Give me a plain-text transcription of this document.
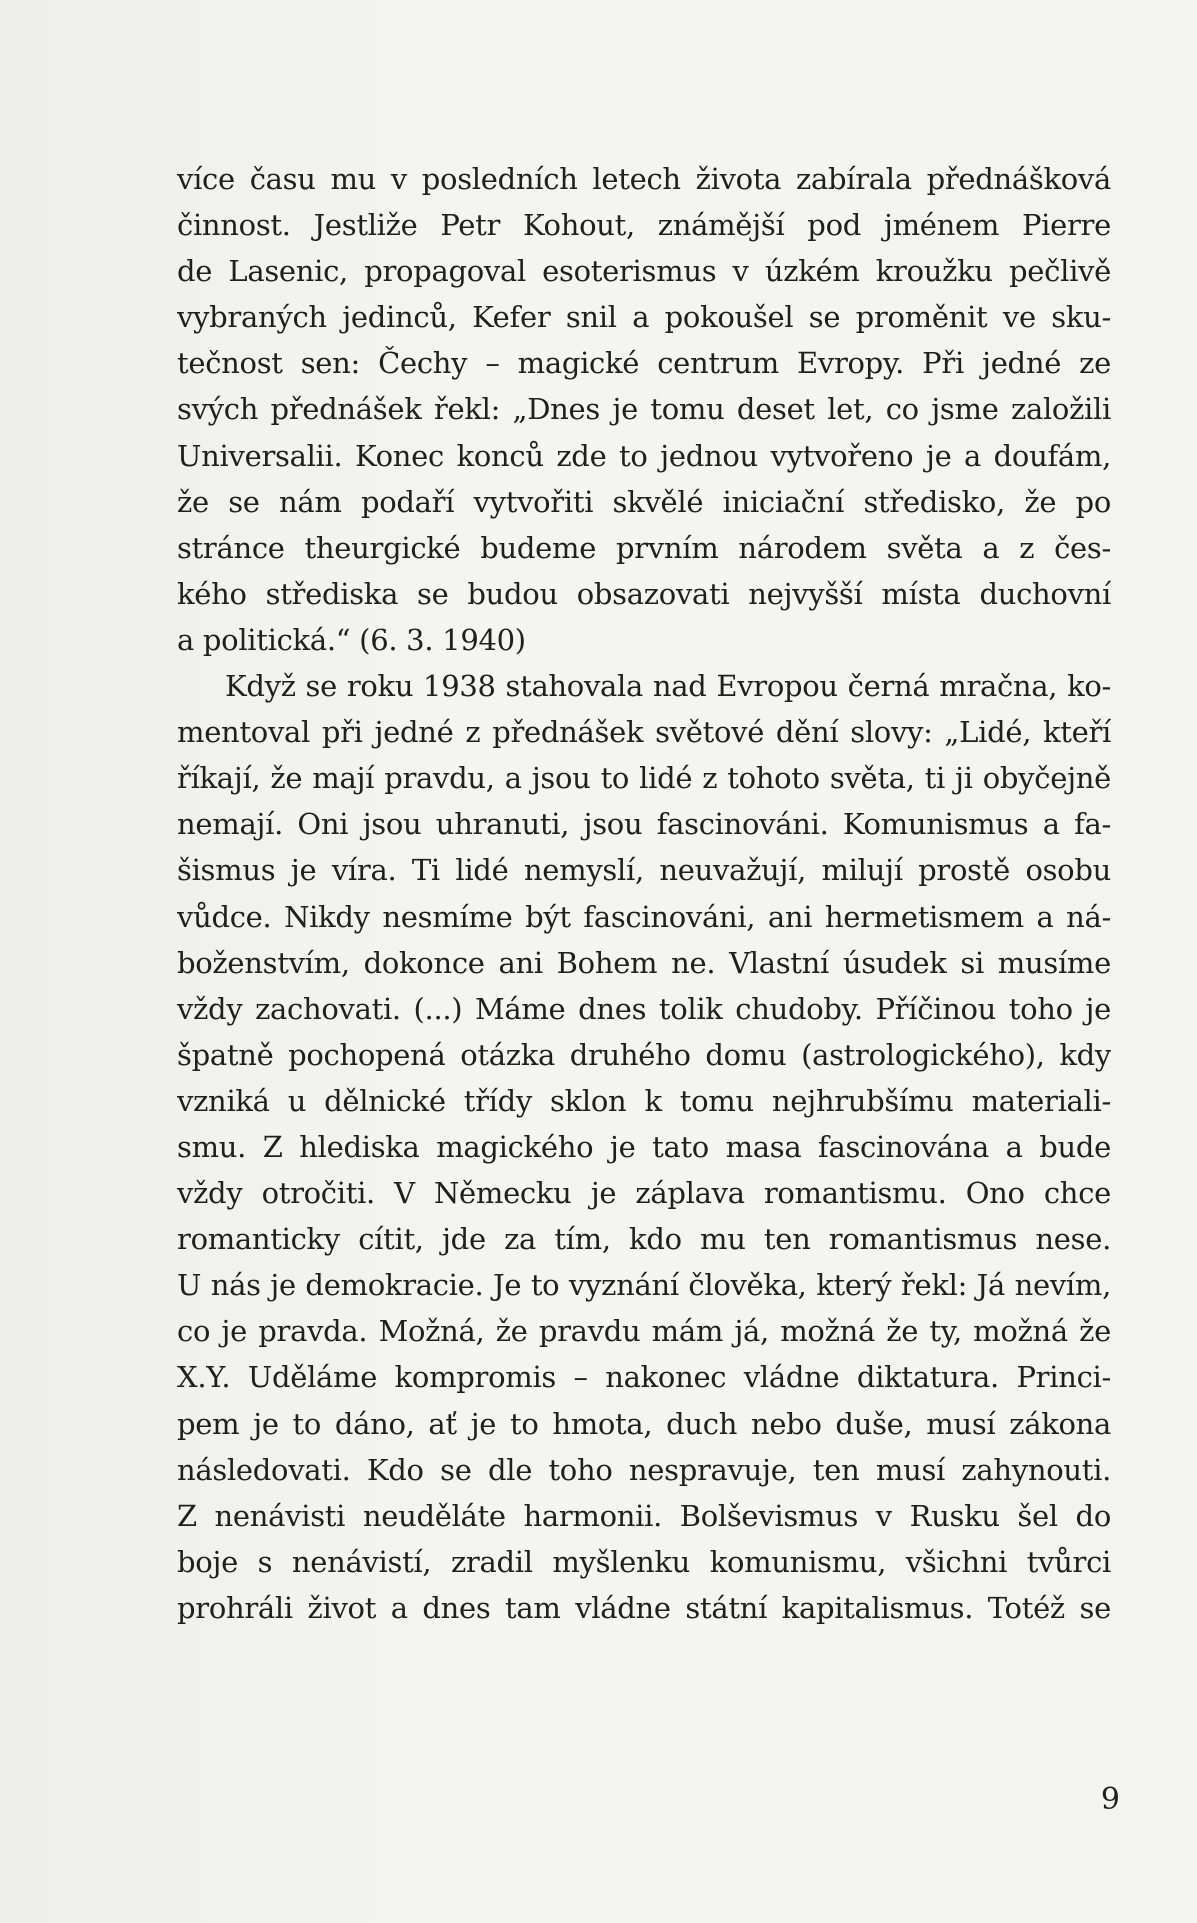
více času mu v posledních letech života zabírala přednášková
činnost. Jestliže Petr Kohout, známější pod jménem Pierre
de Lasenic, propagoval esoterismus v úzkém kroužku pečlivě
vybraných jedinců, Kefer snil a pokoušel se proměnit ve sku-
tečnost sen: Čechy – magické centrum Evropy. Při jedné ze
svých přednášek řekl: „Dnes je tomu deset let, co jsme založili
Universalii. Konec konců zde to jednou vytvořeno je a doufám,
že se nám podaří vytvořiti skvělé iniciační středisko, že po
stránce theurgické budeme prvním národem světa a z čes-
kého střediska se budou obsazovati nejvyšší místa duchovní
a politická.“ (6. 3. 1940)
Když se roku 1938 stahovala nad Evropou černá mračna, ko-
mentoval při jedné z přednášek světové dění slovy: „Lidé, kteří
říkají, že mají pravdu, a jsou to lidé z tohoto světa, ti ji obyčejně
nemají. Oni jsou uhranuti, jsou fascinováni. Komunismus a fa-
šismus je víra. Ti lidé nemyslí, neuvažují, milují prostě osobu
vůdce. Nikdy nesmíme být fascinováni, ani hermetismem a ná-
boženstvím, dokonce ani Bohem ne. Vlastní úsudek si musíme
vždy zachovati. (...) Máme dnes tolik chudoby. Příčinou toho je
špatně pochopená otázka druhého domu (astrologického), kdy
vzniká u dělnické třídy sklon k tomu nejhrubšímu materiali-
smu. Z hlediska magického je tato masa fascinována a bude
vždy otročiti. V Německu je záplava romantismu. Ono chce
romanticky cítit, jde za tím, kdo mu ten romantismus nese.
U nás je demokracie. Je to vyznání člověka, který řekl: Já nevím,
co je pravda. Možná, že pravdu mám já, možná že ty, možná že
X.Y. Uděláme kompromis – nakonec vládne diktatura. Princi-
pem je to dáno, ať je to hmota, duch nebo duše, musí zákona
následovati. Kdo se dle toho nespravuje, ten musí zahynouti.
Z nenávisti neuděláte harmonii. Bolševismus v Rusku šel do
boje s nenávistí, zradil myšlenku komunismu, všichni tvůrci
prohráli život a dnes tam vládne státní kapitalismus. Totéž se
9
